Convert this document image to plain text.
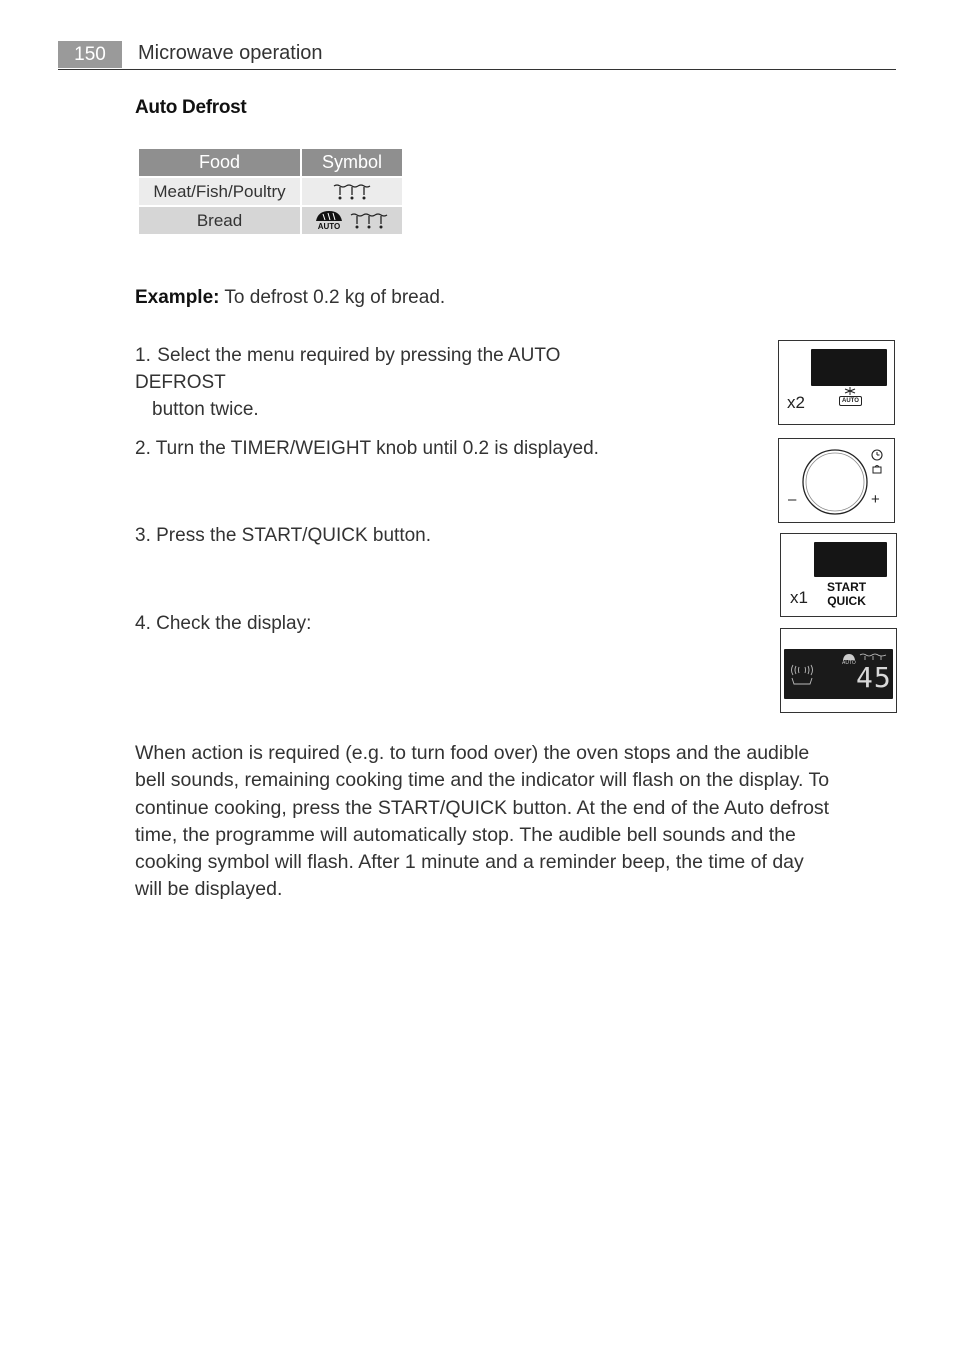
150	Microwave operation
Auto Defrost
Food	Symbol
Meat/Fish/Poultry	

Bread	AUTO
Example: To defrost 0.2 kg of bread.
1. Select the menu required by pressing the AUTO DEFROST
button twice.
2. Turn the TIMER/WEIGHT knob until 0.2 is displayed.
3. Press the START/QUICK button.
4. Check the display:
x2	AUTO
–	+
x1
START
QUICK
AUTO 45
When action is required (e.g. to turn food over) the oven stops and the audible bell sounds, remaining cooking time and the indicator will flash on the display. To continue cooking, press the START/QUICK button. At the end of the Auto defrost time, the programme will automatically stop. The audible bell sounds and the cooking symbol will flash. After 1 minute and a reminder beep, the time of day will be displayed.
